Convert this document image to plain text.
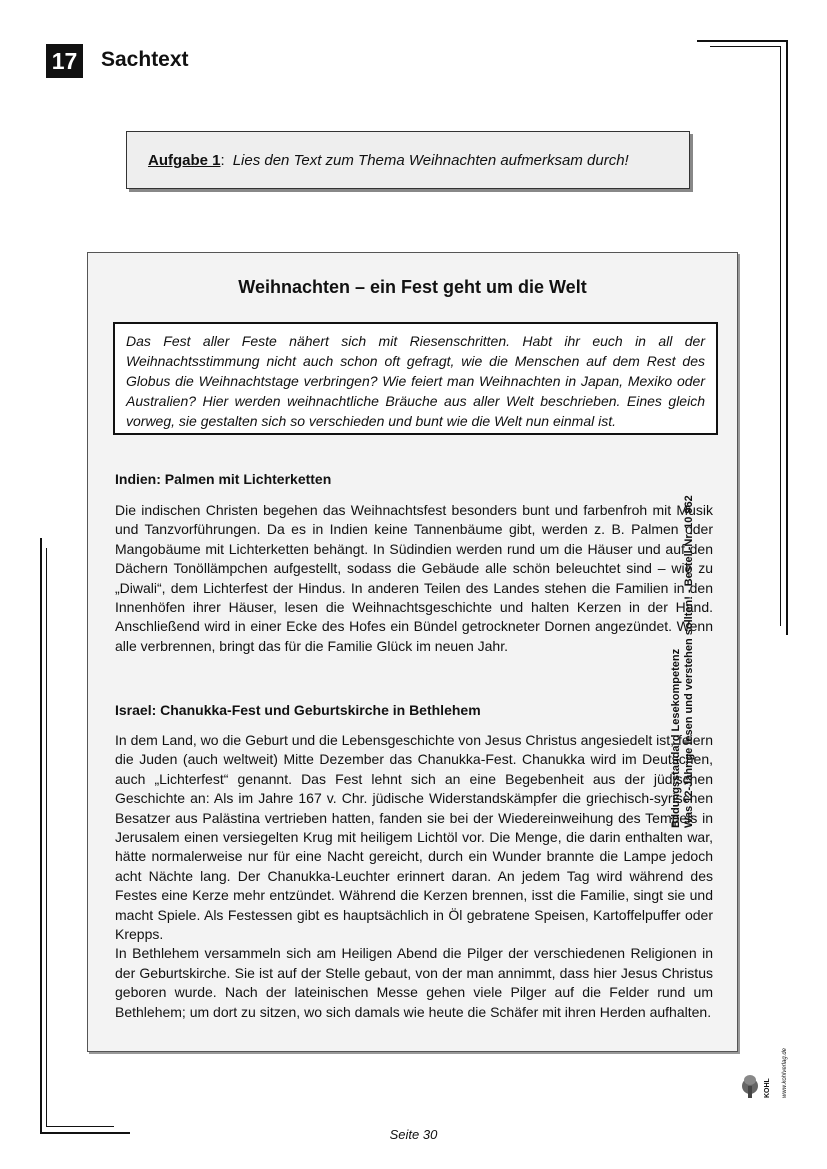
17 Sachtext
Aufgabe 1 : Lies den Text zum Thema Weihnachten aufmerksam durch!
Weihnachten – ein Fest geht um die Welt
Das Fest aller Feste nähert sich mit Riesenschritten. Habt ihr euch in all der Weihnachtsstimmung nicht auch schon oft gefragt, wie die Menschen auf dem Rest des Globus die Weihnachtstage verbringen? Wie feiert man Weihnachten in Japan, Mexiko oder Australien? Hier werden weihnachtliche Bräuche aus aller Welt beschrieben. Eines gleich vorweg, sie gestalten sich so verschieden und bunt wie die Welt nun einmal ist.
Indien: Palmen mit Lichterketten

Die indischen Christen begehen das Weihnachtsfest besonders bunt und farbenfroh mit Musik und Tanzvorführungen. Da es in Indien keine Tannenbäume gibt, werden z. B. Palmen oder Mangobäume mit Lichterketten behängt. In Südindien werden rund um die Häuser und auf den Dächern Tonöllämpchen aufgestellt, sodass die Gebäude alle schön beleuchtet sind – wie zu „Diwali“, dem Lichterfest der Hindus. In anderen Teilen des Landes stehen die Familien in den Innenhöfen ihrer Häuser, lesen die Weihnachtsgeschichte und halten Kerzen in der Hand. Anschließend wird in einer Ecke des Hofes ein Bündel getrockneter Dornen angezündet. Wenn alle verbrennen, bringt das für die Familie Glück im neuen Jahr.

Israel: Chanukka-Fest und Geburtskirche in Bethlehem

In dem Land, wo die Geburt und die Lebensgeschichte von Jesus Christus angesiedelt ist, feiern die Juden (auch weltweit) Mitte Dezember das Chanukka-Fest. Chanukka wird im Deutschen, auch „Lichterfest“ genannt. Das Fest lehnt sich an eine Begebenheit aus der jüdischen Geschichte an: Als im Jahre 167 v. Chr. jüdische Widerstandskämpfer die griechisch-syrischen Besatzer aus Palästina vertrieben hatten, fanden sie bei der Wiedereinweihung des Tempels in Jerusalem einen versiegelten Krug mit heiligem Lichtöl vor. Die Menge, die darin enthalten war, hätte normalerweise nur für eine Nacht gereicht, durch ein Wunder brannte die Lampe jedoch acht Nächte lang. Der Chanukka-Leuchter erinnert daran. An jedem Tag wird während des Festes eine Kerze mehr entzündet. Während die Kerzen brennen, isst die Familie, singt sie und macht Spiele. Als Festessen gibt es hauptsächlich in Öl gebratene Speisen, Kartoffelpuffer oder Krepps.

In Bethlehem versammeln sich am Heiligen Abend die Pilger der verschiedenen Religionen in der Geburtskirche. Sie ist auf der Stelle gebaut, von der man annimmt, dass hier Jesus Christus geboren wurde. Nach der lateinischen Messe gehen viele Pilger auf die Felder rund um Bethlehem; um dort zu sitzen, wo sich damals wie heute die Schäfer mit ihren Herden aufhalten.

Bildungsstandard Lesekompetenz Was 12-Jährige lesen und verstehen sollten! - Bestell-Nr. 10 962
KOHL www.kohlverlag.de
Seite 30
